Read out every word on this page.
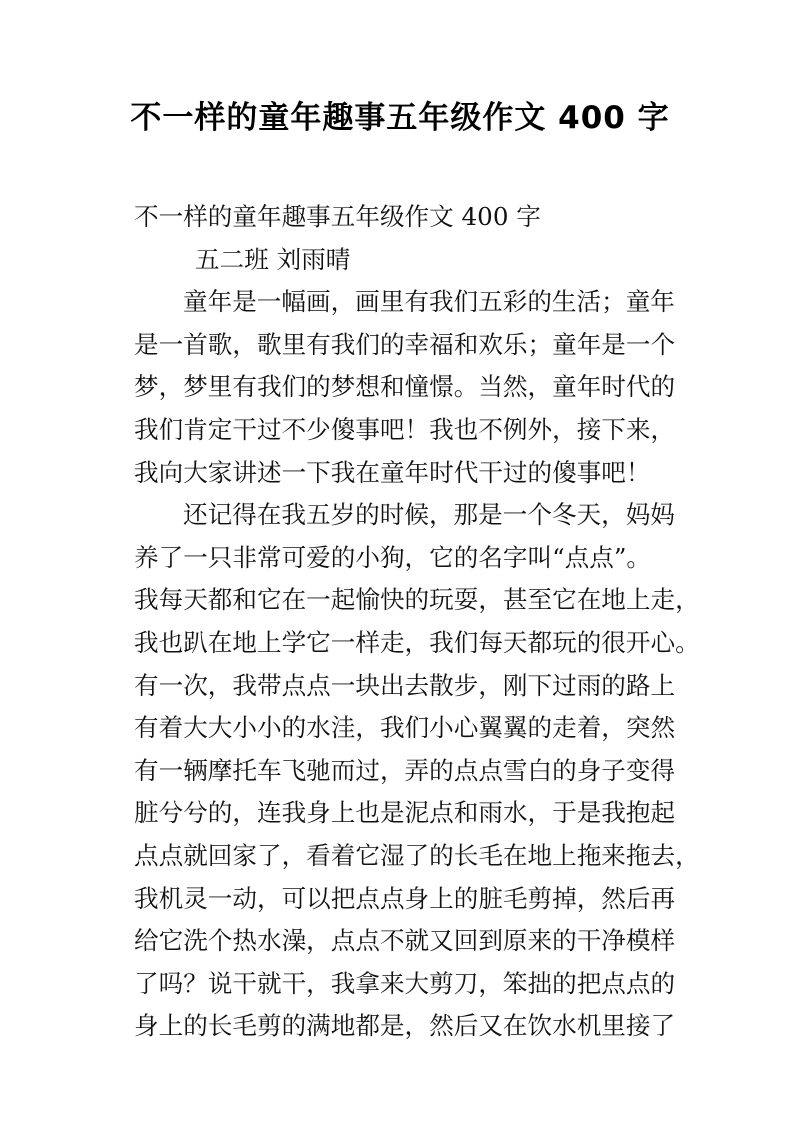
不一样的童年趣事五年级作文 400 字
不一样的童年趣事五年级作文 400 字
五二班 刘雨晴
童年是一幅画，画里有我们五彩的生活；童年
是一首歌，歌里有我们的幸福和欢乐；童年是一个
梦，梦里有我们的梦想和憧憬。当然，童年时代的
我们肯定干过不少傻事吧！我也不例外，接下来，
我向大家讲述一下我在童年时代干过的傻事吧！
还记得在我五岁的时候，那是一个冬天，妈妈
养了一只非常可爱的小狗，它的名字叫“点点”。
我每天都和它在一起愉快的玩耍，甚至它在地上走，
我也趴在地上学它一样走，我们每天都玩的很开心。
有一次，我带点点一块出去散步，刚下过雨的路上
有着大大小小的水洼，我们小心翼翼的走着，突然
有一辆摩托车飞驰而过，弄的点点雪白的身子变得
脏兮兮的，连我身上也是泥点和雨水，于是我抱起
点点就回家了，看着它湿了的长毛在地上拖来拖去，
我机灵一动，可以把点点身上的脏毛剪掉，然后再
给它洗个热水澡，点点不就又回到原来的干净模样
了吗？说干就干，我拿来大剪刀，笨拙的把点点的
身上的长毛剪的满地都是，然后又在饮水机里接了
